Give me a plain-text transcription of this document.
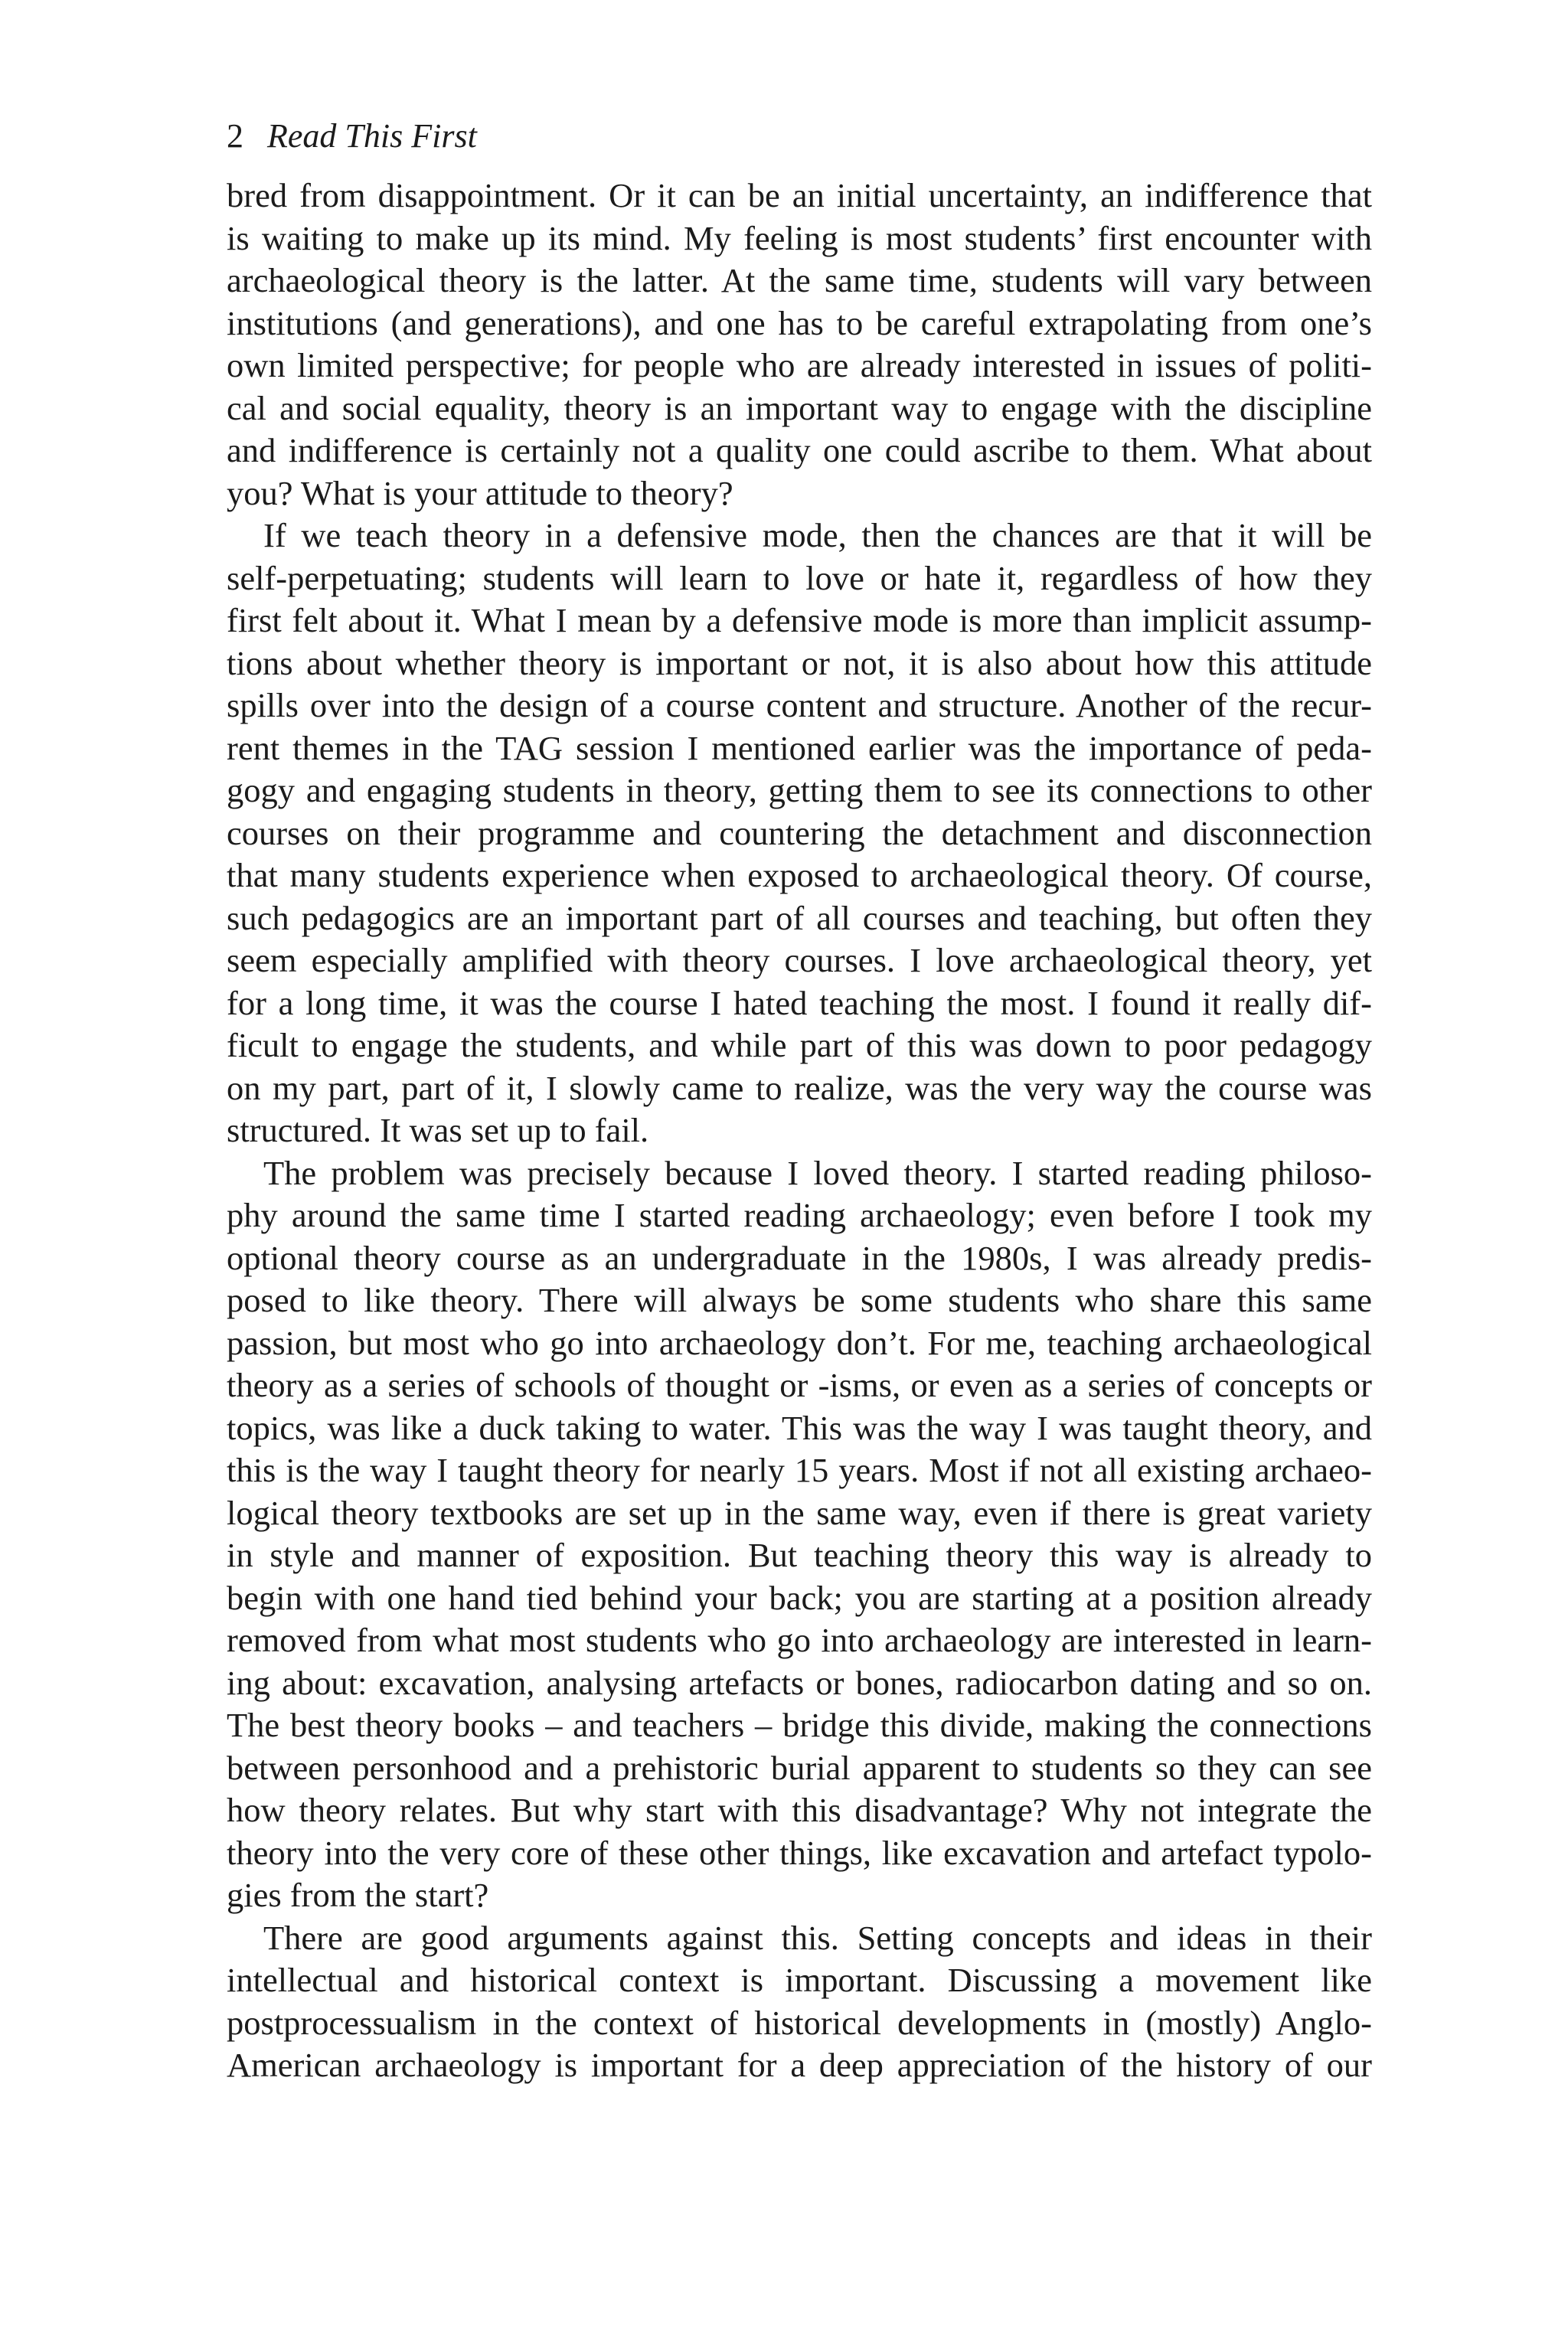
2 Read This First
bred from disappointment. Or it can be an initial uncertainty, an indifference that
is waiting to make up its mind. My feeling is most students’ first encounter with
archaeological theory is the latter. At the same time, students will vary between
institutions (and generations), and one has to be careful extrapolating from one’s
own limited perspective; for people who are already interested in issues of politi-
cal and social equality, theory is an important way to engage with the discipline
and indifference is certainly not a quality one could ascribe to them. What about
you? What is your attitude to theory?
If we teach theory in a defensive mode, then the chances are that it will be
self-perpetuating; students will learn to love or hate it, regardless of how they
first felt about it. What I mean by a defensive mode is more than implicit assump-
tions about whether theory is important or not, it is also about how this attitude
spills over into the design of a course content and structure. Another of the recur-
rent themes in the TAG session I mentioned earlier was the importance of peda-
gogy and engaging students in theory, getting them to see its connections to other
courses on their programme and countering the detachment and disconnection
that many students experience when exposed to archaeological theory. Of course,
such pedagogics are an important part of all courses and teaching, but often they
seem especially amplified with theory courses. I love archaeological theory, yet
for a long time, it was the course I hated teaching the most. I found it really dif-
ficult to engage the students, and while part of this was down to poor pedagogy
on my part, part of it, I slowly came to realize, was the very way the course was
structured. It was set up to fail.
The problem was precisely because I loved theory. I started reading philoso-
phy around the same time I started reading archaeology; even before I took my
optional theory course as an undergraduate in the 1980s, I was already predis-
posed to like theory. There will always be some students who share this same
passion, but most who go into archaeology don’t. For me, teaching archaeological
theory as a series of schools of thought or -isms, or even as a series of concepts or
topics, was like a duck taking to water. This was the way I was taught theory, and
this is the way I taught theory for nearly 15 years. Most if not all existing archaeo-
logical theory textbooks are set up in the same way, even if there is great variety
in style and manner of exposition. But teaching theory this way is already to
begin with one hand tied behind your back; you are starting at a position already
removed from what most students who go into archaeology are interested in learn-
ing about: excavation, analysing artefacts or bones, radiocarbon dating and so on.
The best theory books – and teachers – bridge this divide, making the connections
between personhood and a prehistoric burial apparent to students so they can see
how theory relates. But why start with this disadvantage? Why not integrate the
theory into the very core of these other things, like excavation and artefact typolo-
gies from the start?
There are good arguments against this. Setting concepts and ideas in their
intellectual and historical context is important. Discussing a movement like
postprocessualism in the context of historical developments in (mostly) Anglo-
American archaeology is important for a deep appreciation of the history of our
